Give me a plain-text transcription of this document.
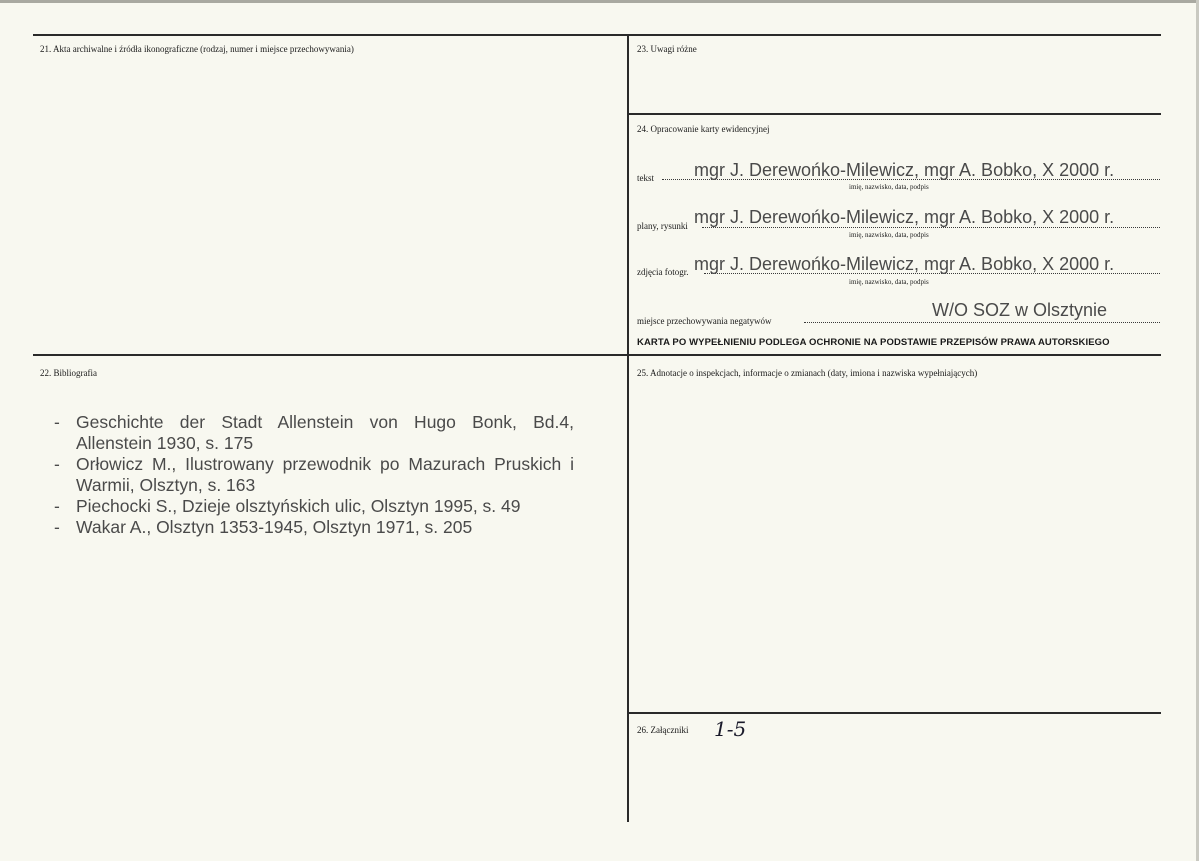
21. Akta archiwalne i źródła ikonograficzne (rodzaj, numer i miejsce przechowywania)	23. Uwagi różne
24. Opracowanie karty ewidencyjnej
tekst mgr J. Derewońko-Milewicz, mgr A. Bobko, X 2000 r.
imię, nazwisko, data, podpis
plany, rysunki mgr J. Derewońko-Milewicz, mgr A. Bobko, X 2000 r.
imię, nazwisko, data, podpis
zdjęcia fotogr. mgr J. Derewońko-Milewicz, mgr A. Bobko, X 2000 r.
imię, nazwisko, data, podpis
miejsce przechowywania negatywów
W/O SOZ w Olsztynie
KARTA PO WYPEŁNIENIU PODLEGA OCHRONIE NA PODSTAWIE PRZEPISÓW PRAWA AUTORSKIEGO
22. Bibliografia
- Geschichte der Stadt Allenstein von Hugo Bonk, Bd.4, Allenstein 1930, s. 175
- Orłowicz M., Ilustrowany przewodnik po Mazurach Pruskich i Warmii, Olsztyn, s. 163
- Piechocki S., Dzieje olsztyńskich ulic, Olsztyn 1995, s. 49
- Wakar A., Olsztyn 1353-1945, Olsztyn 1971, s. 205
25. Adnotacje o inspekcjach, informacje o zmianach (daty, imiona i nazwiska wypełniających)
26. Załączniki 1-5
